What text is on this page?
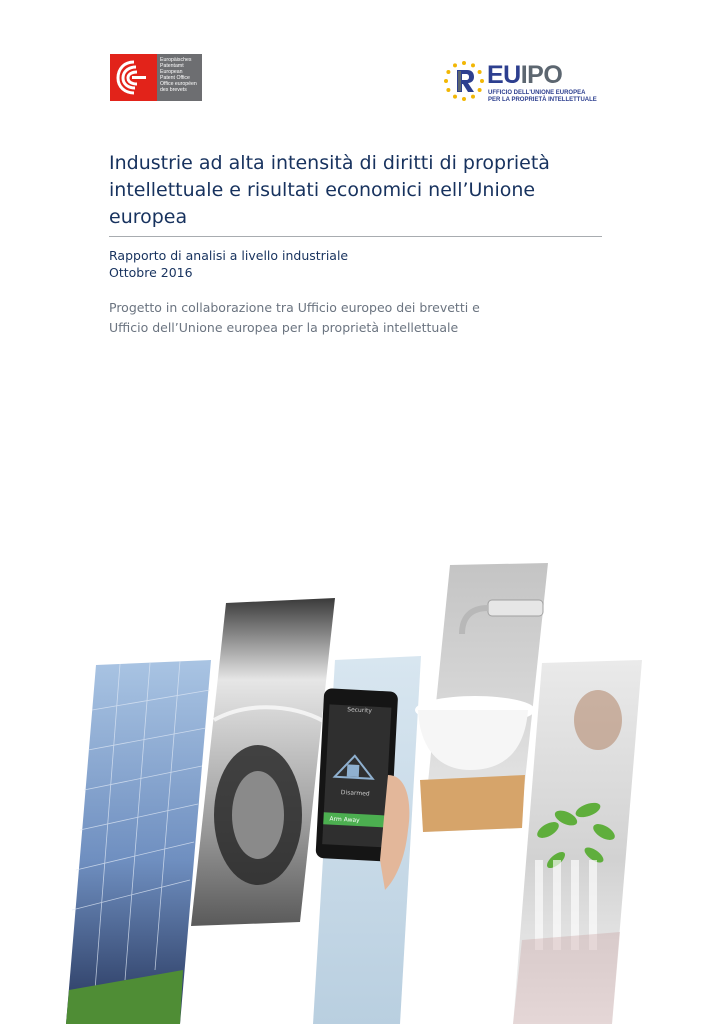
Europäisches
Patentamt
European
Patent Office
Office européen
des brevets
EUIPO
UFFICIO DELL'UNIONE EUROPEA
PER LA PROPRIETÀ INTELLETTUALE
Industrie ad alta intensità di diritti di proprietà
intellettuale e risultati economici nell’Unione
europea
Rapporto di analisi a livello industriale
Ottobre 2016
Progetto in collaborazione tra Ufficio europeo dei brevetti e
Ufficio dell’Unione europea per la proprietà intellettuale
Security
Disarmed
Arm Away
